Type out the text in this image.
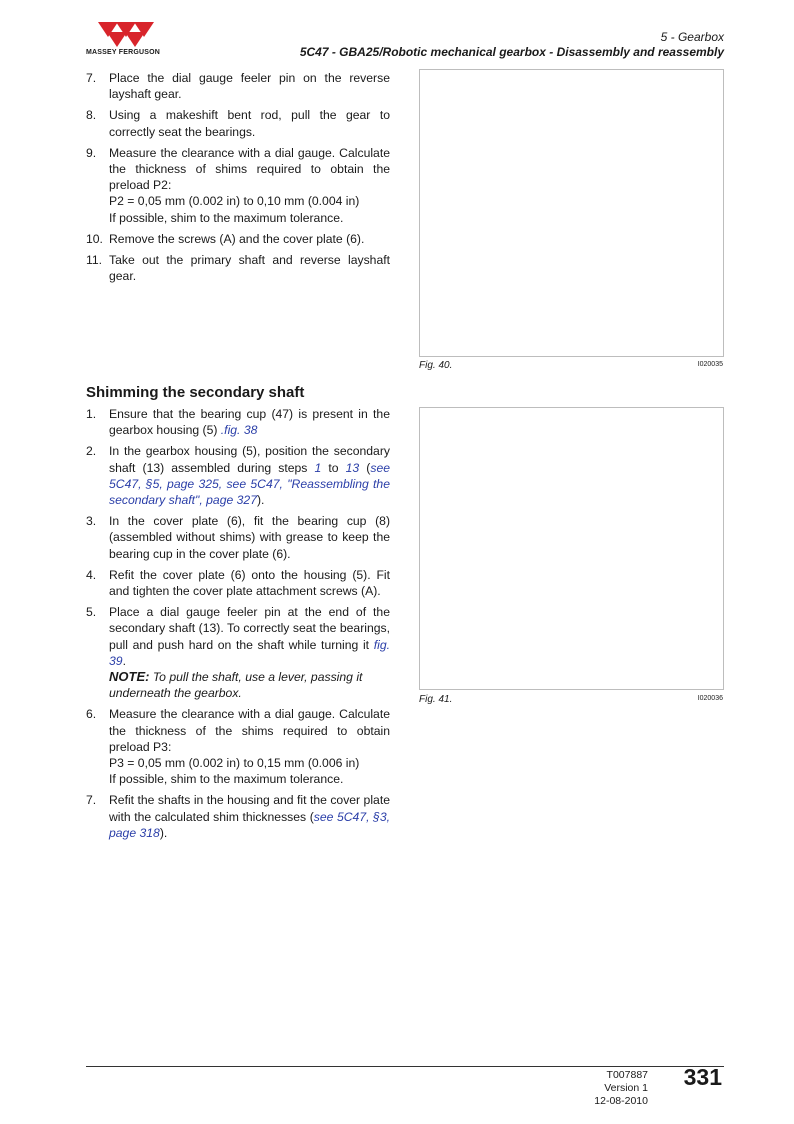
MASSEY FERGUSON
5 - Gearbox
5C47 - GBA25/Robotic mechanical gearbox - Disassembly and reassembly
7. Place the dial gauge feeler pin on the reverse layshaft gear.
8. Using a makeshift bent rod, pull the gear to correctly seat the bearings.
9. Measure the clearance with a dial gauge. Calculate the thickness of shims required to obtain the preload P2:
P2 = 0,05 mm (0.002 in) to 0,10 mm (0.004 in)
If possible, shim to the maximum tolerance.
10. Remove the screws (A) and the cover plate (6).
11. Take out the primary shaft and reverse layshaft gear.
Fig. 40.	I020035
Shimming the secondary shaft
1. Ensure that the bearing cup (47) is present in the gearbox housing (5) .fig. 38
2. In the gearbox housing (5), position the secondary shaft (13) assembled during steps 1 to 13 (see 5C47, §5, page 325, see 5C47, "Reassembling the secondary shaft", page 327).
3. In the cover plate (6), fit the bearing cup (8) (assembled without shims) with grease to keep the bearing cup in the cover plate (6).
4. Refit the cover plate (6) onto the housing (5). Fit and tighten the cover plate attachment screws (A).
5. Place a dial gauge feeler pin at the end of the secondary shaft (13). To correctly seat the bearings, pull and push hard on the shaft while turning it fig. 39.
NOTE: To pull the shaft, use a lever, passing it underneath the gearbox.
6. Measure the clearance with a dial gauge. Calculate the thickness of the shims required to obtain preload P3:
P3 = 0,05 mm (0.002 in) to 0,15 mm (0.006 in)
If possible, shim to the maximum tolerance.
7. Refit the shafts in the housing and fit the cover plate with the calculated shim thicknesses (see 5C47, §3, page 318).
Fig. 41.	I020036
T007887
Version 1
12-08-2010
331
